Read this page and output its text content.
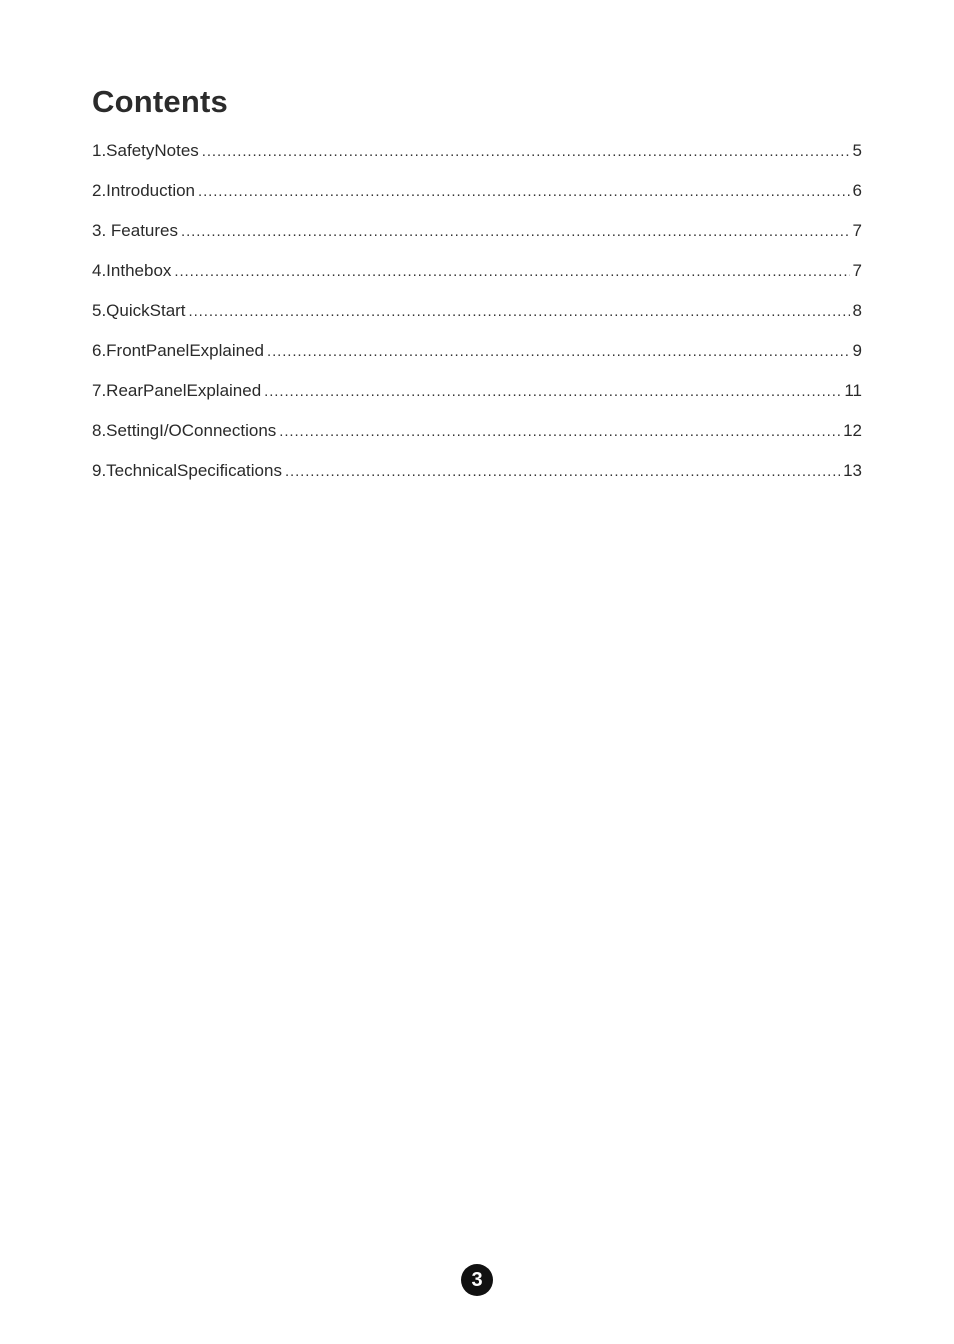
Contents
1.SafetyNotes .....	5
2.Introduction .....	6
3. Features .....	7
4.Inthebox .....	7
5.QuickStart .....	8
6.FrontPanelExplained .....	9
7.RearPanelExplained .....	11
8.SettingI/OConnections .....	12
9.TechnicalSpecifications .....	13
3
